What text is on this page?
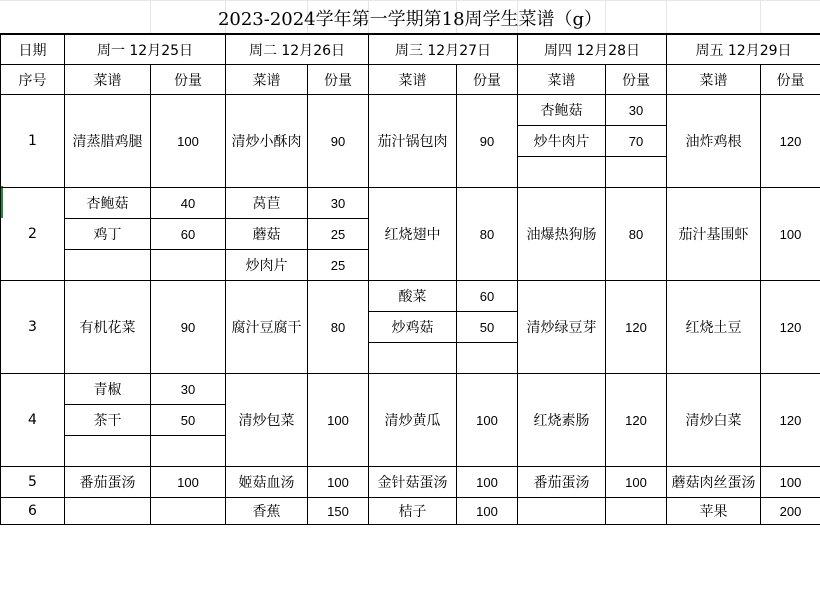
2023-2024学年第一学期第18周学生菜谱（g）
日期	周一 12月25日		周二 12月26日		周三 12月27日		周四 12月28日		周五 12月29日	
序号	菜谱	份量	菜谱	份量	菜谱	份量	菜谱	份量	菜谱	份量
1	清蒸腊鸡腿	100	清炒小酥肉	90	茄汁锅包肉	90	杏鲍菇	30	油炸鸡根	120
							炒牛肉片	70		

2	杏鲍菇	40	莴苣	30	红烧翅中	80	油爆热狗肠	80	茄汁基围虾	100
	鸡丁	60	蘑菇	25						
			炒肉片	25						
3	有机花菜	90	腐汁豆腐干	80	酸菜	60	清炒绿豆芽	120	红烧土豆	120
					炒鸡菇	50				

4	青椒	30	清炒包菜	100	清炒黄瓜	100	红烧素肠	120	清炒白菜	120
	茶干	50								

5	番茄蛋汤	100	姬菇血汤	100	金针菇蛋汤	100	番茄蛋汤	100	蘑菇肉丝蛋汤	100

6			香蕉	150	桔子	100			苹果	200
